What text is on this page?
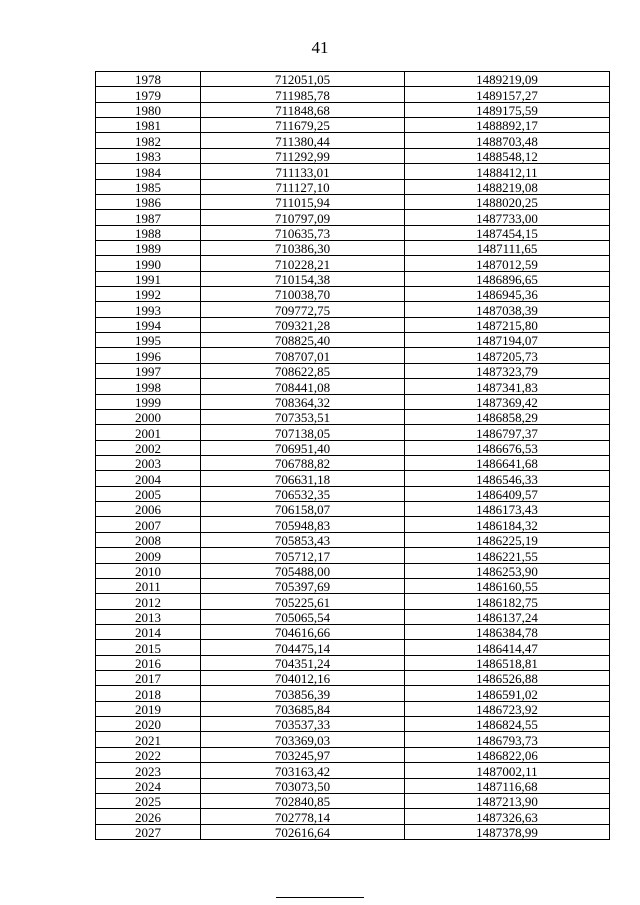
41
1978	712051,05	1489219,09
1979	711985,78	1489157,27
1980	711848,68	1489175,59
1981	711679,25	1488892,17
1982	711380,44	1488703,48
1983	711292,99	1488548,12
1984	711133,01	1488412,11
1985	711127,10	1488219,08
1986	711015,94	1488020,25
1987	710797,09	1487733,00
1988	710635,73	1487454,15
1989	710386,30	1487111,65
1990	710228,21	1487012,59
1991	710154,38	1486896,65
1992	710038,70	1486945,36
1993	709772,75	1487038,39
1994	709321,28	1487215,80
1995	708825,40	1487194,07
1996	708707,01	1487205,73
1997	708622,85	1487323,79
1998	708441,08	1487341,83
1999	708364,32	1487369,42
2000	707353,51	1486858,29
2001	707138,05	1486797,37
2002	706951,40	1486676,53
2003	706788,82	1486641,68
2004	706631,18	1486546,33
2005	706532,35	1486409,57
2006	706158,07	1486173,43
2007	705948,83	1486184,32
2008	705853,43	1486225,19
2009	705712,17	1486221,55
2010	705488,00	1486253,90
2011	705397,69	1486160,55
2012	705225,61	1486182,75
2013	705065,54	1486137,24
2014	704616,66	1486384,78
2015	704475,14	1486414,47
2016	704351,24	1486518,81
2017	704012,16	1486526,88
2018	703856,39	1486591,02
2019	703685,84	1486723,92
2020	703537,33	1486824,55
2021	703369,03	1486793,73
2022	703245,97	1486822,06
2023	703163,42	1487002,11
2024	703073,50	1487116,68
2025	702840,85	1487213,90
2026	702778,14	1487326,63
2027	702616,64	1487378,99
